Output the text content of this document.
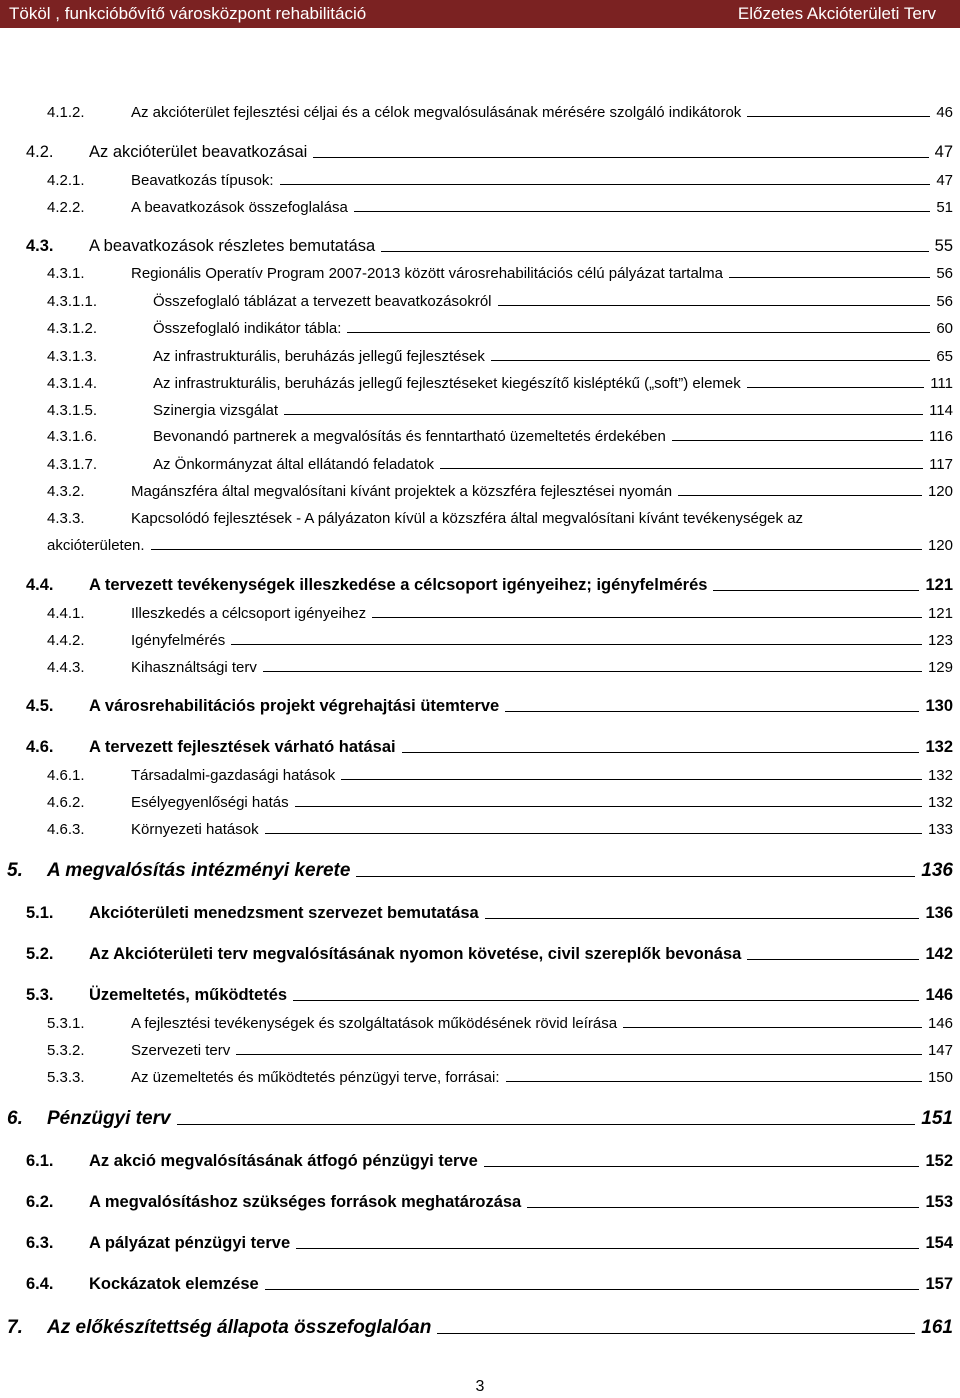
Tököl , funkcióbővítő városközpont rehabilitáció	Előzetes Akcióterületi Terv
4.1.2.	Az akcióterület fejlesztési céljai és a célok megvalósulásának mérésére szolgáló indikátorok	46
4.2.	Az akcióterület beavatkozásai	47
4.2.1.	Beavatkozás típusok:	47
4.2.2.	A beavatkozások összefoglalása	51
4.3.	A beavatkozások részletes bemutatása	55
4.3.1.	Regionális Operatív Program 2007-2013 között városrehabilitációs célú pályázat tartalma	56
4.3.1.1.	Összefoglaló táblázat a tervezett beavatkozásokról	56
4.3.1.2.	Összefoglaló indikátor tábla:	60
4.3.1.3.	Az infrastrukturális, beruházás jellegű fejlesztések	65
4.3.1.4.	Az infrastrukturális, beruházás jellegű fejlesztéseket kiegészítő kisléptékű („soft”) elemek	111
4.3.1.5.	Szinergia vizsgálat	114
4.3.1.6.	Bevonandó partnerek a megvalósítás és fenntartható üzemeltetés érdekében	116
4.3.1.7.	Az Önkormányzat által ellátandó feladatok	117
4.3.2.	Magánszféra által megvalósítani kívánt projektek a közszféra fejlesztései nyomán	120
4.3.3.	Kapcsolódó fejlesztések - A pályázaton kívül a közszféra által megvalósítani kívánt tevékenységek az
akcióterületen.	120
4.4.	A tervezett tevékenységek illeszkedése a célcsoport igényeihez; igényfelmérés	121
4.4.1.	Illeszkedés a célcsoport igényeihez	121
4.4.2.	Igényfelmérés	123
4.4.3.	Kihasználtsági terv	129
4.5.	A városrehabilitációs projekt végrehajtási ütemterve	130
4.6.	A tervezett fejlesztések várható hatásai	132
4.6.1.	Társadalmi-gazdasági hatások	132
4.6.2.	Esélyegyenlőségi hatás	132
4.6.3.	Környezeti hatások	133
5.	A megvalósítás intézményi kerete	136
5.1.	Akcióterületi menedzsment szervezet bemutatása	136
5.2.	Az Akcióterületi terv megvalósításának nyomon követése, civil szereplők bevonása	142
5.3.	Üzemeltetés, működtetés	146
5.3.1.	A fejlesztési tevékenységek és szolgáltatások működésének rövid leírása	146
5.3.2.	Szervezeti terv	147
5.3.3.	Az üzemeltetés és működtetés pénzügyi terve, forrásai:	150
6.	Pénzügyi terv	151
6.1.	Az akció megvalósításának átfogó pénzügyi terve	152
6.2.	A megvalósításhoz szükséges források meghatározása	153
6.3.	A pályázat pénzügyi terve	154
6.4.	Kockázatok elemzése	157
7.	Az előkészítettség állapota összefoglalóan	161
3
